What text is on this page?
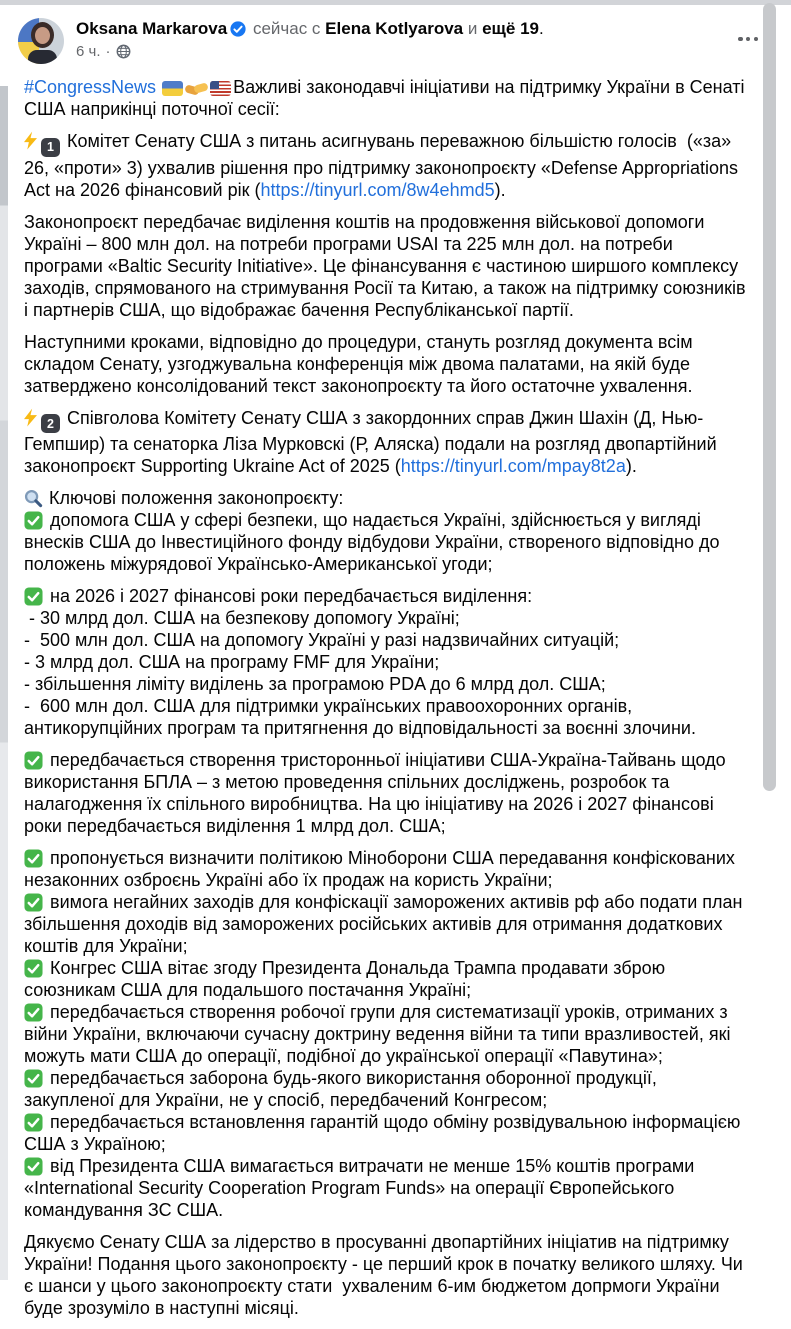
Oksana Markarova сейчас с Elena Kotlyarova и ещё 19.
6 ч. ·
#CongressNews	Важливі законодавчі ініціативи на підтримку України в Сенаті США наприкінці поточної сесії:
1 Комітет Сенату США з питань асигнувань переважною більшістю голосів  («за» 26, «проти» 3) ухвалив рішення про підтримку законопроєкту «Defense Appropriations Act на 2026 фінансовий рік (https://tinyurl.com/8w4ehmd5).
Законопроєкт передбачає виділення коштів на продовження військової допомоги Україні – 800 млн дол. на потреби програми USAI та 225 млн дол. на потреби програми «Baltic Security Initiative». Це фінансування є частиною ширшого комплексу заходів, спрямованого на стримування Росії та Китаю, а також на підтримку союзників і партнерів США, що відображає бачення Республіканської партії.
Наступними кроками, відповідно до процедури, стануть розгляд документа всім складом Сенату, узгоджувальна конференція між двома палатами, на якій буде затверджено консолідований текст законопроєкту та його остаточне ухвалення.
2 Співголова Комітету Сенату США з закордонних справ Джин Шахін (Д, Нью-Гемпшир) та сенаторка Ліза Мурковскі (Р, Аляска) подали на розгляд двопартійний законопроєкт Supporting Ukraine Act of 2025 (https://tinyurl.com/mpay8t2a).
Ключові положення законопроєкту:

допомога США у сфері безпеки, що надається Україні, здійснюється у вигляді внесків США до Інвестиційного фонду відбудови України, створеного відповідно до положень міжурядової Українсько-Американської угоди;
на 2026 і 2027 фінансові роки передбачається виділення:
- 30 млрд дол. США на безпекову допомогу Україні;
-  500 млн дол. США на допомогу Україні у разі надзвичайних ситуацій;
- 3 млрд дол. США на програму FMF для України;
- збільшення ліміту виділень за програмою PDA до 6 млрд дол. США;
-  600 млн дол. США для підтримки українських правоохоронних органів, антикорупційних програм та притягнення до відповідальності за воєнні злочини.
передбачається створення тристоронньої ініціативи США-Україна-Тайвань щодо використання БПЛА – з метою проведення спільних досліджень, розробок та налагодження їх спільного виробництва. На цю ініціативу на 2026 і 2027 фінансові роки передбачається виділення 1 млрд дол. США;
пропонується визначити політикою Міноборони США передавання конфіскованих незаконних озброєнь Україні або їх продаж на користь України;

вимога негайних заходів для конфіскації заморожених активів рф або подати план збільшення доходів від заморожених російських активів для отримання додаткових коштів для України;

Конгрес США вітає згоду Президента Дональда Трампа продавати зброю союзникам США для подальшого постачання Україні;

передбачається створення робочої групи для систематизації уроків, отриманих з війни України, включаючи сучасну доктрину ведення війни та типи вразливостей, які можуть мати США до операції, подібної до української операції «Павутина»;

передбачається заборона будь-якого використання оборонної продукції, закупленої для України, не у спосіб, передбачений Конгресом;

передбачається встановлення гарантій щодо обміну розвідувальною інформацією США з Україною;

від Президента США вимагається витрачати не менше 15% коштів програми «International Security Cooperation Program Funds» на операції Європейського командування ЗС США.
Дякуємо Сенату США за лідерство в просуванні двопартійних ініціатив на підтримку України! Подання цього законопроєкту - це перший крок в початку великого шляху. Чи є шанси у цього законопроєкту стати  ухваленим 6-им бюджетом допрмоги України буде зрозуміло в наступні місяці.
